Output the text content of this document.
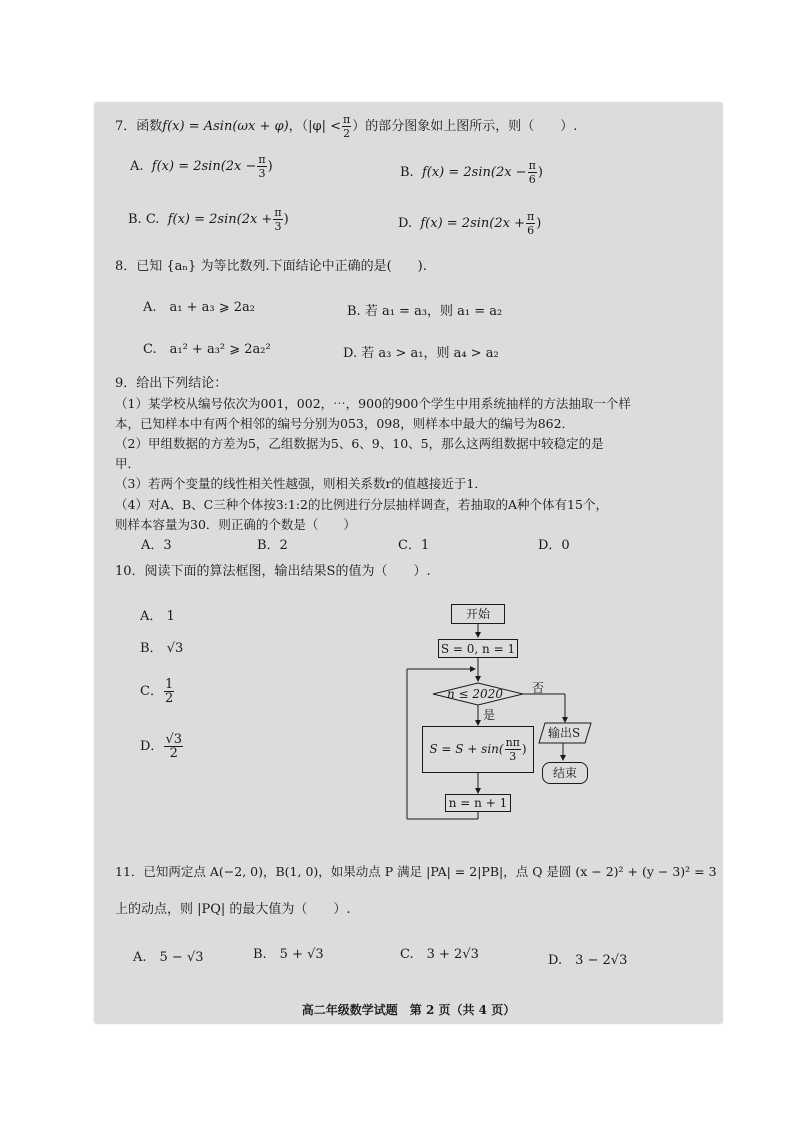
7．函数f(x) = Asin(ωx + φ)，（$|\varphi| < \frac{\pi}{2}$ ）的部分图象如上图所示，则（　　）.
A. $f(x) = 2\sin(2x - \frac{\pi}{3}$ )	B. $f(x) = 2\sin(2x - \frac{\pi}{6}$ )
B. C. $f(x) = 2\sin(2x + \frac{\pi}{3}$ )	D. $f(x) = 2\sin(2x + \frac{\pi}{6}$ )
8．已知 {aₙ} 为等比数列.下面结论中正确的是(　　).
A.　a₁ + a₃ ⩾ 2a₂	B. 若 a₁ = a₃，则 a₁ = a₂
C.　a₁² + a₃² ⩾ 2a₂²	D. 若 a₃ > a₁，则 a₄ > a₂
9．给出下列结论：
（1）某学校从编号依次为001，002，⋯，900的900个学生中用系统抽样的方法抽取一个样
本，已知样本中有两个相邻的编号分别为053，098，则样本中最大的编号为862．
（2）甲组数据的方差为5，乙组数据为5、6、9、10、5，那么这两组数据中较稳定的是
甲．
（3）若两个变量的线性相关性越强，则相关系数r的值越接近于1．
（4）对A、B、C三种个体按3:1:2的比例进行分层抽样调查，若抽取的A种个体有15个，
则样本容量为30．则正确的个数是（　　）
A．3	B．2	C．1	D．0
10．阅读下面的算法框图，输出结果S的值为（　　）.
A． 1
B． √3
C． $\frac{1}{2}$
D． $\frac{√3}{2}$
开始
S = 0, n = 1
n ≤ 2020 否
是
$S = S + \sin( \frac{n\pi}{3}$ )
输出S
结束
n = n + 1
11．已知两定点 A(−2, 0)，B(1, 0)，如果动点 P 满足 |PA| = 2|PB|，点 Q 是圆 (x − 2)² + (y − 3)² = 3
上的动点，则 |PQ| 的最大值为（　　）.
A.　5 − √3	B.　5 + √3	C.　3 + 2√3	D.　3 − 2√3
高二年级数学试题　第 2 页（共 4 页）
